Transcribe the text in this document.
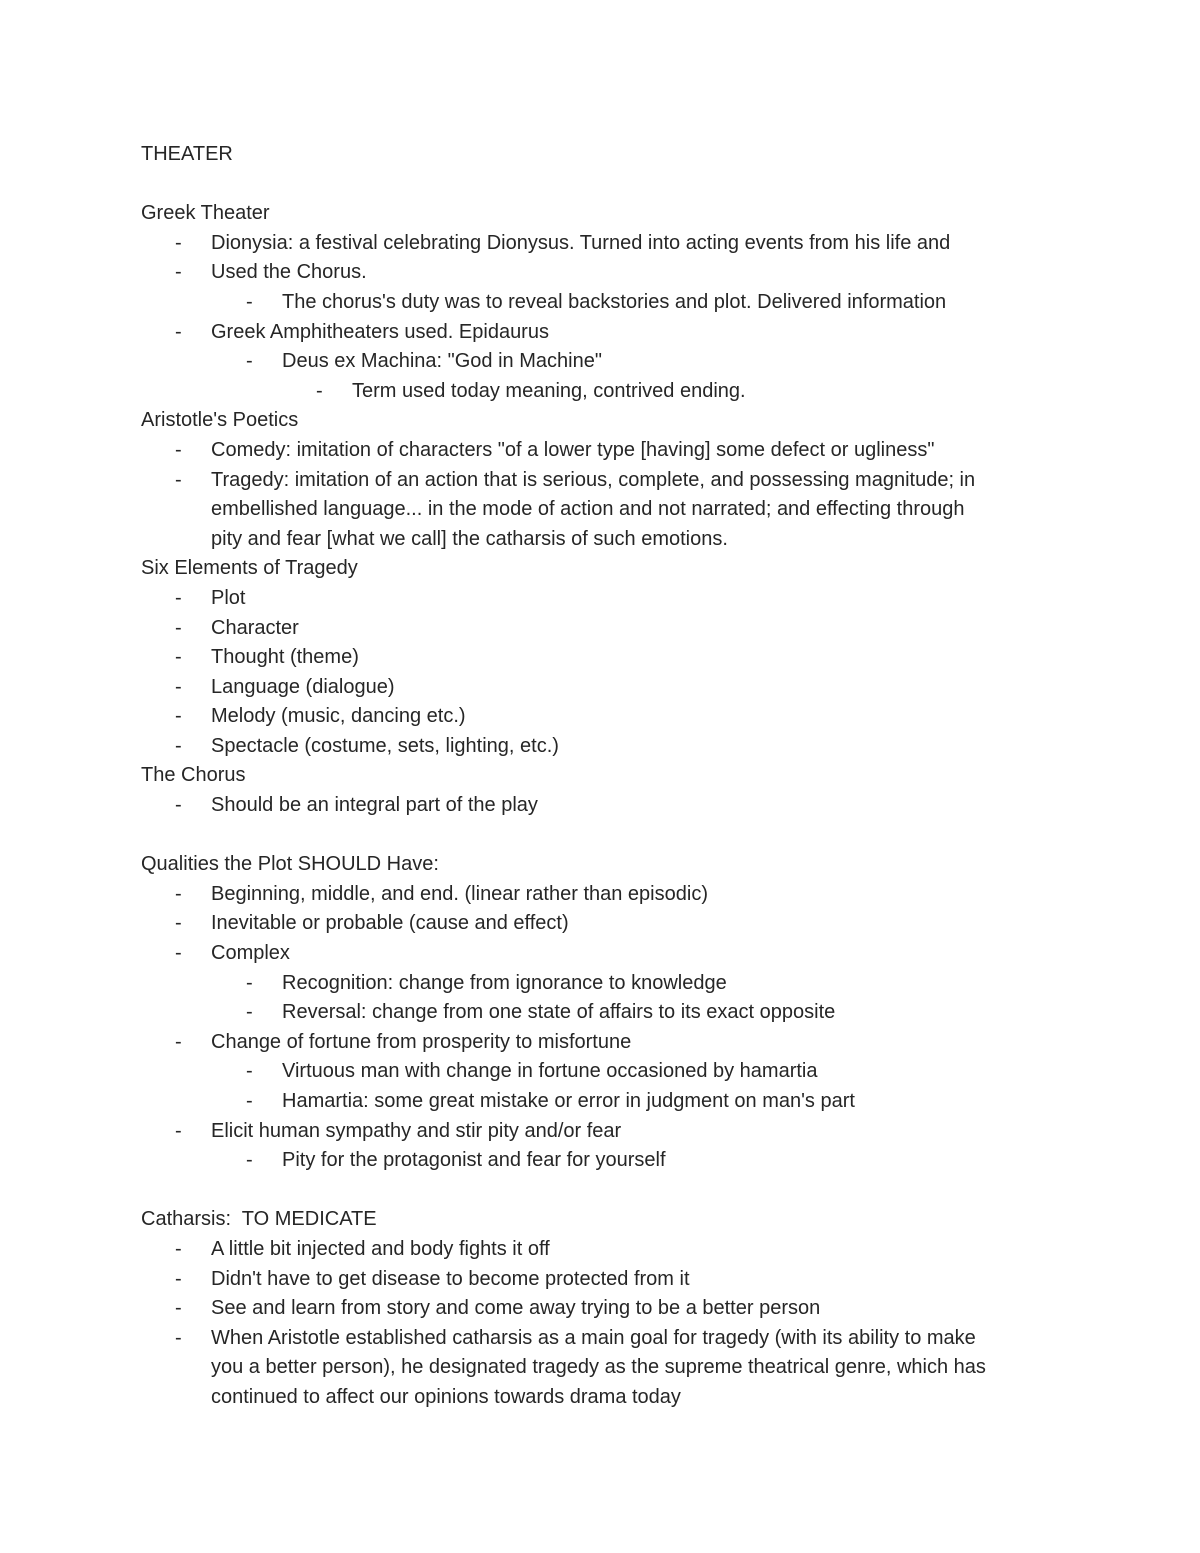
THEATER
Greek Theater
- Dionysia: a festival celebrating Dionysus. Turned into acting events from his life and
- Used the Chorus.
- The chorus's duty was to reveal backstories and plot. Delivered information
- Greek Amphitheaters used. Epidaurus
- Deus ex Machina: "God in Machine"
- Term used today meaning, contrived ending.
Aristotle's Poetics
- Comedy: imitation of characters "of a lower type [having] some defect or ugliness"
- Tragedy: imitation of an action that is serious, complete, and possessing magnitude; in
embellished language... in the mode of action and not narrated; and effecting through
pity and fear [what we call] the catharsis of such emotions.
Six Elements of Tragedy
- Plot
- Character
- Thought (theme)
- Language (dialogue)
- Melody (music, dancing etc.)
- Spectacle (costume, sets, lighting, etc.)
The Chorus
- Should be an integral part of the play
Qualities the Plot SHOULD Have:
- Beginning, middle, and end. (linear rather than episodic)
- Inevitable or probable (cause and effect)
- Complex
- Recognition: change from ignorance to knowledge
- Reversal: change from one state of affairs to its exact opposite
- Change of fortune from prosperity to misfortune
- Virtuous man with change in fortune occasioned by hamartia
- Hamartia: some great mistake or error in judgment on man's part
- Elicit human sympathy and stir pity and/or fear
- Pity for the protagonist and fear for yourself
Catharsis:  TO MEDICATE
- A little bit injected and body fights it off
- Didn't have to get disease to become protected from it
- See and learn from story and come away trying to be a better person
- When Aristotle established catharsis as a main goal for tragedy (with its ability to make
you a better person), he designated tragedy as the supreme theatrical genre, which has
continued to affect our opinions towards drama today
